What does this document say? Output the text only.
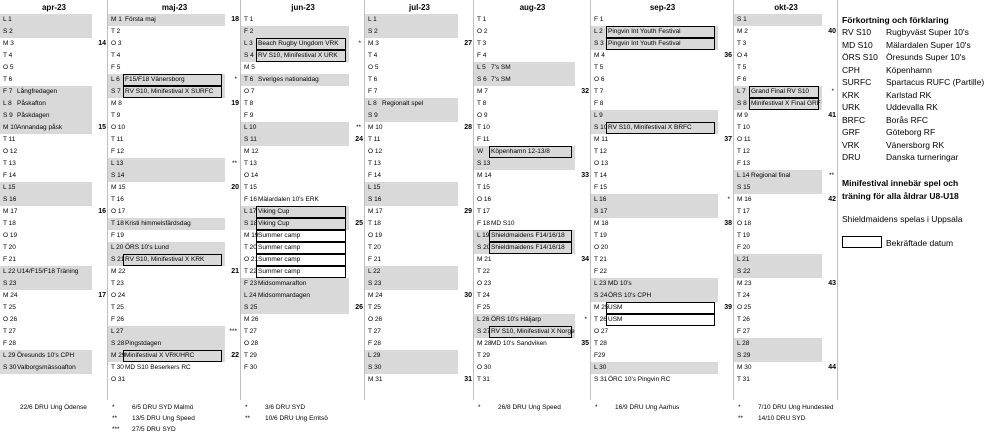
apr-23
L 1
S 2
M 3	14
T 4
O 5
T 6
F 7 Långfredagen
L 8 Påskafton
S 9 Påskdagen
M 10 Annandag påsk	15
T 11
O 12
T 13
F 14
L 15
S 16
M 17	16
T 18
O 19
T 20
F 21
L 22 U14/F15/F18 Träning
S 23
M 24	17
T 25
O 26
T 27
F 28
L 29 Öresunds 10's CPH
S 30 Valborgsmässoafton
maj-23
M 1 Första maj	18
T 2
O 3
T 4
F 5
L 6 F15/F18 Vänersborg	*
S 7 RV S10, Minifestival X SURFC
M 8	19
T 9
O 10
T 11
F 12
L 13	**
S 14
M 15	20
T 16
O 17
T 18 Kristi himmelsfärdsdag
F 19
L 20 ÖRS 10's Lund
S 21 RV S10, Minifestival X KRK
M 22	21
T 23
O 24
T 25
F 26
L 27	***
S 28 Pingstdagen
M 29 Minifestival X VRK/HRC	22
T 30 MD S10 Beserkers RC
O 31
jun-23
T 1
F 2
L 3 Beach Rugby Ungdom VRK	*
S 4 RV S10, Minifestival X URK
M 5
T 6 Sveriges nationaldag
O 7
T 8
F 9
L 10	**
S 11	24
M 12
T 13
O 14
T 15
F 16 Mälardalen 10's ERK
L 17 Viking Cup
S 18 Viking Cup	25
M 19 Summer camp
T 20 Summer camp
O 21 Summer camp
T 22 Summer camp
F 23 Midsommarafton
L 24 Midsommardagen
S 25	26
M 26
T 27
O 28
T 29
F 30
jul-23
L 1
S 2
M 3	27
T 4
O 5
T 6
F 7
L 8 Regionalt spel
S 9
M 10	28
T 11
O 12
T 13
F 14
L 15
S 16
M 17	29
T 18
O 19
T 20
F 21
L 22
S 23
M 24	30
T 25
O 26
T 27
F 28
L 29
S 30
M 31	31
aug-23
T 1
O 2
T 3
F 4
L 5 7's SM
S 6 7's SM
M 7	32
T 8
O 9
T 10
F 11
W Köpenhamn 12-13/8
S 13
M 14	33
T 15
O 16
T 17
F 18 MD S10
L 19 Shieldmaidens F14/16/18
S 20 Shieldmaidens F14/16/18
M 21	34
T 22
O 23
T 24
F 25
L 26 ÖRS 10's Häljarp	*
S 27 RV S10, Minifestival X Norge
M 28 MD 10's Sandviken	35
T 29
O 30
T 31
sep-23
F 1
L 2 Pingvin Int Youth Festival
S 3 Pingvin Int Youth Festival
M 4	36
T 5
O 6
T 7
F 8
L 9
S 10 RV S10, Minifestival X BRFC
M 11	37
T 12
O 13
T 14
F 15
L 16	*
S 17
M 18	38
T 19
O 20
T 21
F 22
L 23 MD 10's
S 24 ÖRS 10's CPH
M 25 USM	39
T 26 USM
O 27
T 28
F29
L 30
S 31 ÖRC 10's Pingvin RC
okt-23
S 1
M 2	40
T 3
O 4
T 5
F 6
L 7 Grand Final RV S10	*
S 8 Minifestival X Final GRF
M 9	41
T 10
O 11
T 12
F 13
L 14 Regional final	**
S 15
M 16	42
T 17
O 18
T 19
F 20
L 21
S 22
M 23	43
T 24
O 25
T 26
F 27
L 28
S 29
M 30	44
T 31
Förkortning och förklaring
RV S10 Rugbyväst Super 10's
MD S10 Mälardalen Super 10's
ÖRS S10 Öresunds Super 10's
CPH	Köpenhamn
SURFC Spartacus RUFC (Partille)
KRK	Karlstad RK
URK	Uddevalla RK
BRFC Borås RFC
GRF	Göteborg RF
VRK	Vänersborg RK
DRU	Danska turneringar
Minifestival innebär spel och
träning för alla åldrar U8-U18
Shieldmaidens spelas i Uppsala
Bekräftade datum
22/6 DRU Ung Odense	*	6/5 DRU SYD Malmö
** 13/5 DRU Ung Speed
*** 27/5 DRU SYD
*	3/6 DRU SYD
** 10/6 DRU Ung Erritsö
*	26/8 DRU Ung Speed	*	16/9 DRU Ung Aarhus	*	7/10 DRU Ung Hundested
** 14/10 DRU SYD
